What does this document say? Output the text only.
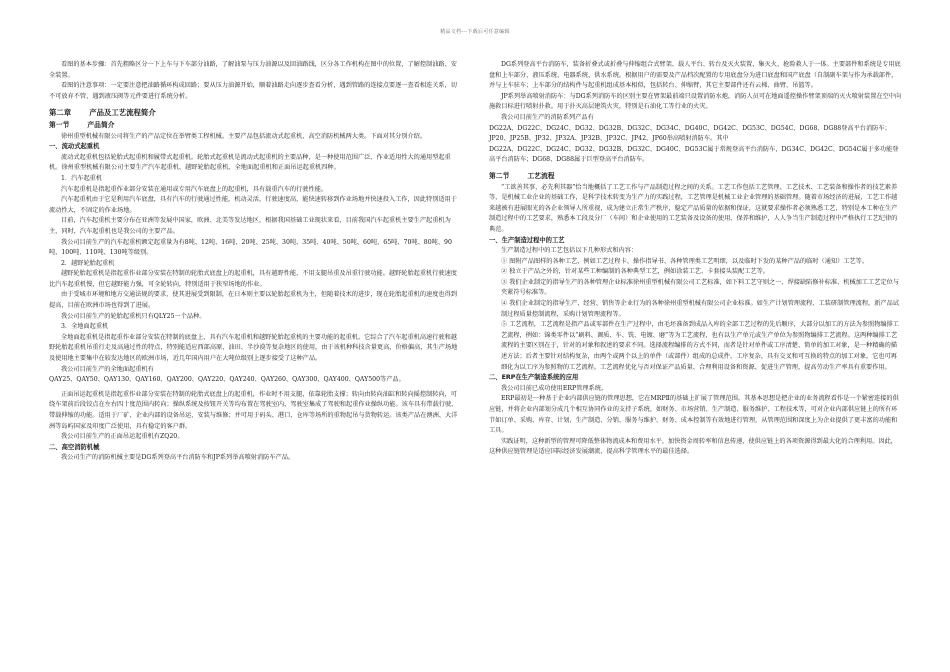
精品文档---下载后可任意编辑

看图的基本步骤：首先粗略区分一下上车与下车部分油路，了解油泵与压力油源以及回油路线，区分各工作机构在图中的位置，了解控制油路、安全装置。

看图的注意事项：一定要注意把油路循环构成回路；要从压力油源开始，顺着油路走向逐步查看分析，遇到管路的连接点要逐一查看相连关系，切不可放弃不管，遇到液压阀等元件要进行系统分析。

第二章 产品及工艺流程简介
第一节	产品简介

徐州重型机械有限公司将生产的产品定位在举臂类工程机械。主要产品包括流动式起重机、高空消防机械两大类。下面对其分别介绍。

一、流动式起重机

流动式起重机包括轮胎式起重机和履带式起重机。轮胎式起重机是流动式起重机的主要品种，是一种使用范围广泛、作业适用性大的通用型起重机。徐州重型机械有限公司主要生产汽车起重机、越野轮胎起重机、全地面起重机和正面吊运起重机四种。

1．汽车起重机

汽车起重机是指起重作业部分安装在通用或专用汽车底盘上的起重机，具有载重汽车的行驶性能。

汽车起重机由于它是利用汽车底盘，具有汽车的行驶通过性能，机动灵活，行驶速度高，能快速转移到作业场地并快速投入工作，因此特别适用于流动性大，不固定的作业场地。

目前，汽车起重机主要分布在亚洲等发展中国家，欧洲、北美等发达地区，根据我国基础工业现状来看，目前我国汽车起重机主要生产起重机为主，同时，汽车起重机也是我公司的主要产品。

我公司目前生产的汽车起重机额定起重量为有8吨、12吨、16吨、20吨、25吨、30吨、35吨、40吨、50吨、60吨、65吨、70吨、80吨、90吨、100吨、110吨、130吨等级别。

2．越野轮胎起重机

越野轮胎起重机是指起重作业部分安装在特制的轮胎式底盘上的起重机，具有越野性能，不用支腿吊重及吊重行驶功能。越野轮胎起重机行驶速度比汽车起重机慢，但它越野能力强，可全轮转向，特别适用于狭窄场地的作业。

由于受城市环境和地方交通法规的要求，使其进展受到限制，在日本则主要以轮胎起重机为主，但随着技术的进步，现在轮胎起重机的速度也得到提高，目前在欧洲市场也得到了进展。

我公司目前生产的轮胎起重机只有QLY25一个品种。

3．全地面起重机

全地面起重机是指起重作业部分安装在特制的底盘上，具有汽车起重机和越野轮胎起重机的主要功能的起重机。它综合了汽车起重机高速行驶和越野轮胎起重机吊重行走及高通过性的特点，特别能适应西部高原、油田、半沙漠等复杂地区的使用，由于该机种科技含量更高，价格偏高，其生产场地及使用地主要集中在较发达地区的欧洲市场，近几年国内用户在大吨位级别上逐步接受了这种产品。

我公司目前生产的全地面起重机有

QAY25、QAY50、QAY130、QAY160、QAY200、QAY220、QAY240、QAY260、QAY300、QAY400、QAY500等产品。

正面吊运起重机是指起重作业部分安装在特制的轮胎式底盘上的起重机，作业时不用支腿，依靠轮胎支撑；转向由转向油缸和转向摇控制转向，可绕车架前后段铰点在左右四十度范围内转向；操纵系统及按钮开关等均布置在驾驶室内，驾驶室集成了驾驶和起重作业操纵功能。该车具有带载行驶、带载伸缩的功能。适用于厂矿、企业内部的设备吊运、安装与维修；并可用于码头、港口，仓库等场所的重物起吊与货物转运。该类产品在澳洲、大洋洲等岛屿国家及印度广泛使用，具有稳定的客户群。

我公司目前生产的正面吊运起重机有ZQ20。

二、高空消防机械

我公司生产的消防机械主要是DG系列登高平台消防车和JP系列举高喷射消防车产品。

DG系列登高平台消防车，装备折叠式或折叠与伸缩组合式臂架、载人平台、转台及灭火装置，集灭火、抢险救人于一体。主要部件和系统是专用底盘和上车部分、液压系统、电器系统、供水系统。根据用户的需要及产品档次配置的专用底盘分为进口底盘和国产底盘（自制副车架与作为承载部件，并与上车驻车；上车部分的结构件与起重机组成基本相似，包括转台、伸缩臂，其它主要部件还有云梯、曲臂、吊篮等。

JP系列举高喷射消防车：与DG系列消防车的区别主要在臂架最前端只设置消防水炮，消防人员可在地面遥控操作臂架顶端的灭火喷射装置在空中向施救目标进行喷射扑救。用于扑灭高层建筑火灾，特别是石油化工等行业的火灾。

我公司目前生产的消防系列产品有

DG22A、DG22C、DG24C、DG32、DG32B、DG32C、DG34C、DG40C、DG42C、DG53C、DG54C、DG68、DG88登高平台消防车；JP20、JP25B、JP32、JP32A、JP32B、JP32C、JP42、JP60举高喷射消防车。其中

DG22A、DG22C、DG24C、DG32、DG32B、DG32C、DG40C、DG53C属于常规登高平台消防车，DG34C、DG42C、DG54C属于多功能登高平台消防车；DG68、DG88属于巨型登高平台消防车。

第二节	工艺流程

“工欲善其事，必先利其器”恰当地概括了工艺工作与产品制造过程之间的关系。工艺工作包括工艺管理、工艺技术、工艺装备和操作者的技艺素养等，是机械工业企业的基础工作，是科学技术转变为生产力的实践过程，工艺管理是机械工业企业管理的基础管理。随着市场经济的进展，工艺工作越来越被有进展眼光的各企业领导人所重视，成为建立正常生产秩序，稳定产品质量的依据和保证，这就要求操作者必须熟悉工艺，特别是本工种在生产制造过程中的工艺要求，熟悉本工段及分厂（车间）和企业使用的工艺装备及设备的使用、保养和维护，人人争当生产制造过程中严格执行工艺纪律的典范。

一、生产制造过程中的工艺

生产制造过程中的工艺包括以下几种形式和内容：

① 图附产品图样的各种工艺，例如工艺过程卡、操作指导书、各种管理类工艺明细，以及临时下发的某种产品的临时（通知）工艺等。

② 独立于产品之外的，针对某些工种编制的各种典型工艺，例如涂装工艺、卡套接头装配工艺等。

③ 我们企业制定的指导生产的各种管理企业标准徐州重型机械有限公司工艺标准，如下料工艺守则之一、焊接缺陷修补标准、机械加工工艺定位与夹紧符号标准等。

④ 我们企业制定的指导生产、经营、销售等企业行为的各种徐州重型机械有限公司企业标准。如生产计划管理流程、工装研制管理流程，新产品试制过程质量控制流程，采购计划管理流程等。

⑤ 工艺流程，工艺流程是指产品或零部件在生产过程中，由毛坯准备到成品入库的全部工艺过程的先后顺序，大部分以加工的方法为参照物编排工艺流程，例如：锦类零件以“刷料、调质、车、铣、电镀、磨”等为工艺流程，也有以生产单元或生产单位为参照物编排工艺流程。这两种编排工艺流程的主要区别在于，针对的对象和叙述的要求不同。选择流程编排的方式不同，而者是针对单件或工序清楚、简单的加工对象，是一种精确的描述方法；后者主要针对结构复杂，由两个或两个以上的单件（或部件）组成的总成件、工序复杂，具有交叉和可互换的特点的加工对象，它也可再细化为以工序为参照物的工艺流程。工艺流程优化与否对保证产品质量、合理利用设备和资源、促进生产管理，提高劳动生产率具有重要作用。

二、ERP在生产制造系统的应用

我公司目前已成功使用ERP管理系统。

ERP最初是一种基于企业内部供应链的管理思想，它在MRPⅡ的基础上扩展了管理范围。其基本思想是把企业的业务流程看作是一个紧密连接的供应链，并将企业内部划分成几个相互协同作业的支持子系统，如财务、市场营销、生产制造、服务维护、工程技术等，可对企业内部供应链上的所有环节如订单、采购、库存、计划、生产制造、分销、服务与维护、财务、成本控制等有效地进行管理，从管理范围和深度上为企业提供了更丰富的功能和工具。

实践证明，这种新型的管理可降低整体物流成本和费用水平，加快资金周转率和信息传递，使供应链上的各项资源得到最大化的合理利用。因此，这种供应链管理是适应国际经济发展潮流、提高科学管理水平的最佳选择。
